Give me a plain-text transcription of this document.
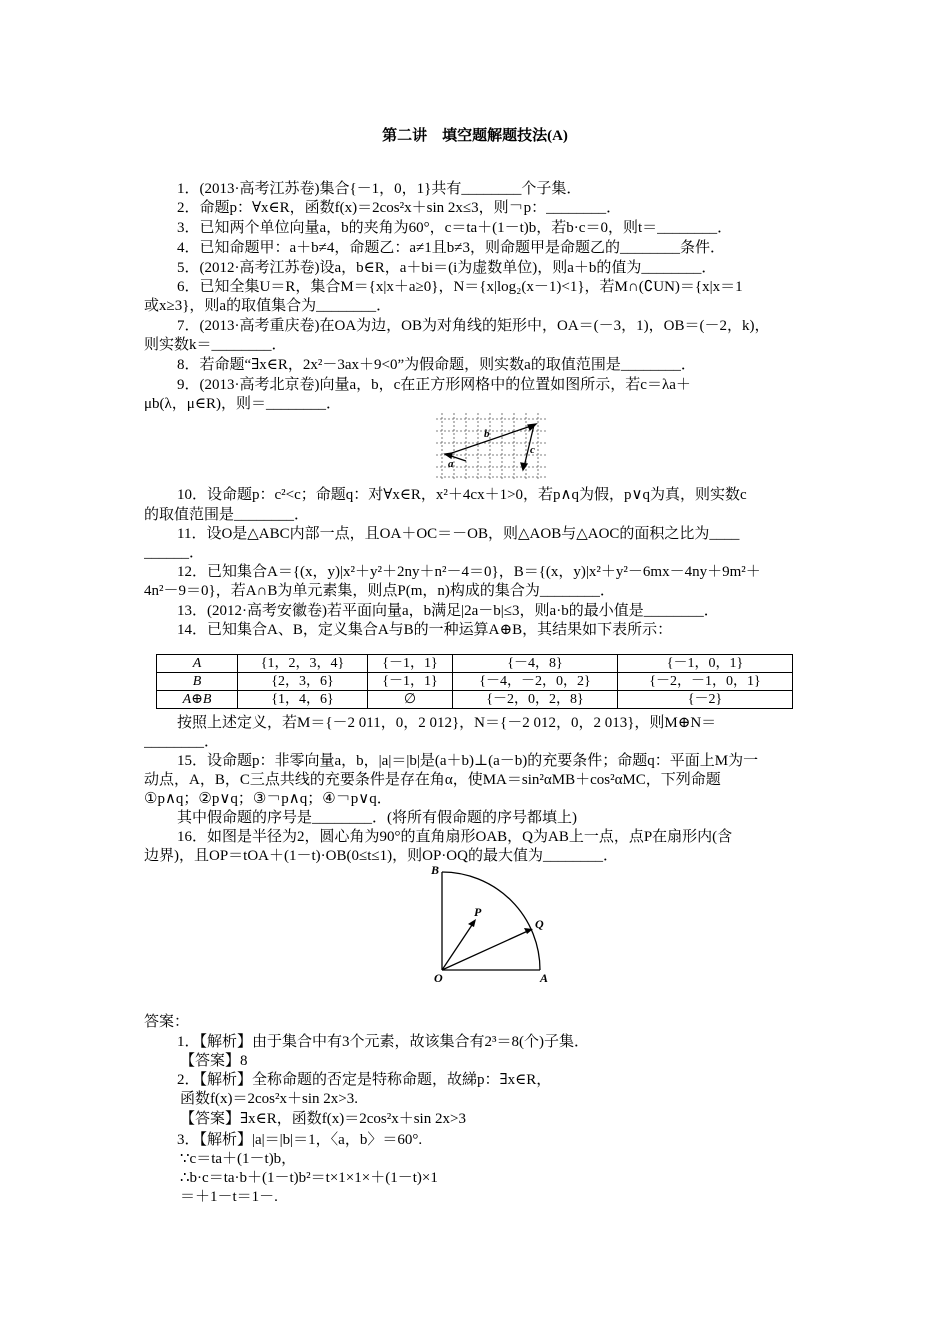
第二讲　填空题解题技法(A)
1．(2013·高考江苏卷)集合{－1，0，1}共有________个子集．
2．命题p：∀x∈R，函数f(x)＝2cos²x＋sin 2x≤3，则￢p：________．
3．已知两个单位向量a，b的夹角为60°，c＝ta＋(1－t)b，若b·c＝0，则t＝________．
4．已知命题甲：a＋b≠4，命题乙：a≠1且b≠3，则命题甲是命题乙的________条件．
5．(2012·高考江苏卷)设a，b∈R，a＋bi＝(i为虚数单位)，则a＋b的值为________．
6．已知全集U＝R，集合M＝{x|x＋a≥0}，N＝{x|log₂(x－1)<1}，若M∩(∁UN)＝{x|x＝1
或x≥3}，则a的取值集合为________．
7．(2013·高考重庆卷)在OA为边，OB为对角线的矩形中，OA＝(－3，1)，OB＝(－2，k)，
则实数k＝________．
8．若命题“∃x∈R，2x²－3ax＋9<0”为假命题，则实数a的取值范围是________．
9．(2013·高考北京卷)向量a，b，c在正方形网格中的位置如图所示，若c＝λa＋
μb(λ，μ∈R)，则＝________．
b
c
a
10．设命题p：c²<c；命题q：对∀x∈R，x²＋4cx＋1>0，若p∧q为假，p∨q为真，则实数c
的取值范围是________．
11．设O是△ABC内部一点，且OA＋OC＝－OB，则△AOB与△AOC的面积之比为____
______．
12．已知集合A＝{(x，y)|x²＋y²＋2ny＋n²－4＝0}，B＝{(x，y)|x²＋y²－6mx－4ny＋9m²＋
4n²－9＝0}，若A∩B为单元素集，则点P(m，n)构成的集合为________．
13．(2012·高考安徽卷)若平面向量a，b满足|2a－b|≤3，则a·b的最小值是________．
14．已知集合A、B，定义集合A与B的一种运算A⊕B，其结果如下表所示：
A	{1，2，3，4}	{－1，1}	{－4，8}	{－1，0，1}
B	{2，3，6}	{－1，1}	{－4，－2，0，2}	{－2，－1，0，1}
A⊕B	{1，4，6}	∅	{－2，0，2，8}	{－2}
按照上述定义，若M＝{－2 011，0，2 012}，N＝{－2 012，0，2 013}，则M⊕N＝
________．
15．设命题p：非零向量a，b，|a|＝|b|是(a＋b)⊥(a－b)的充要条件；命题q：平面上M为一
动点，A，B，C三点共线的充要条件是存在角α，使MA＝sin²αMB＋cos²αMC，下列命题
①p∧q；②p∨q；③￢p∧q；④￢p∨q．
其中假命题的序号是________．(将所有假命题的序号都填上)
16．如图是半径为2，圆心角为90°的直角扇形OAB，Q为AB上一点，点P在扇形内(含
边界)，且OP＝tOA＋(1－t)·OB(0≤t≤1)，则OP·OQ的最大值为________．
B
P
Q
O	A
答案：
1．【解析】由于集合中有3个元素，故该集合有2³＝8(个)子集．
【答案】8
2．【解析】全称命题的否定是特称命题，故綈p：∃x∈R，
函数f(x)＝2cos²x＋sin 2x>3.
【答案】∃x∈R，函数f(x)＝2cos²x＋sin 2x>3
3．【解析】|a|＝|b|＝1，〈a，b〉＝60°.
∵c＝ta＋(1－t)b，
∴b·c＝ta·b＋(1－t)b²＝t×1×1×＋(1－t)×1
＝＋1－t＝1－.
